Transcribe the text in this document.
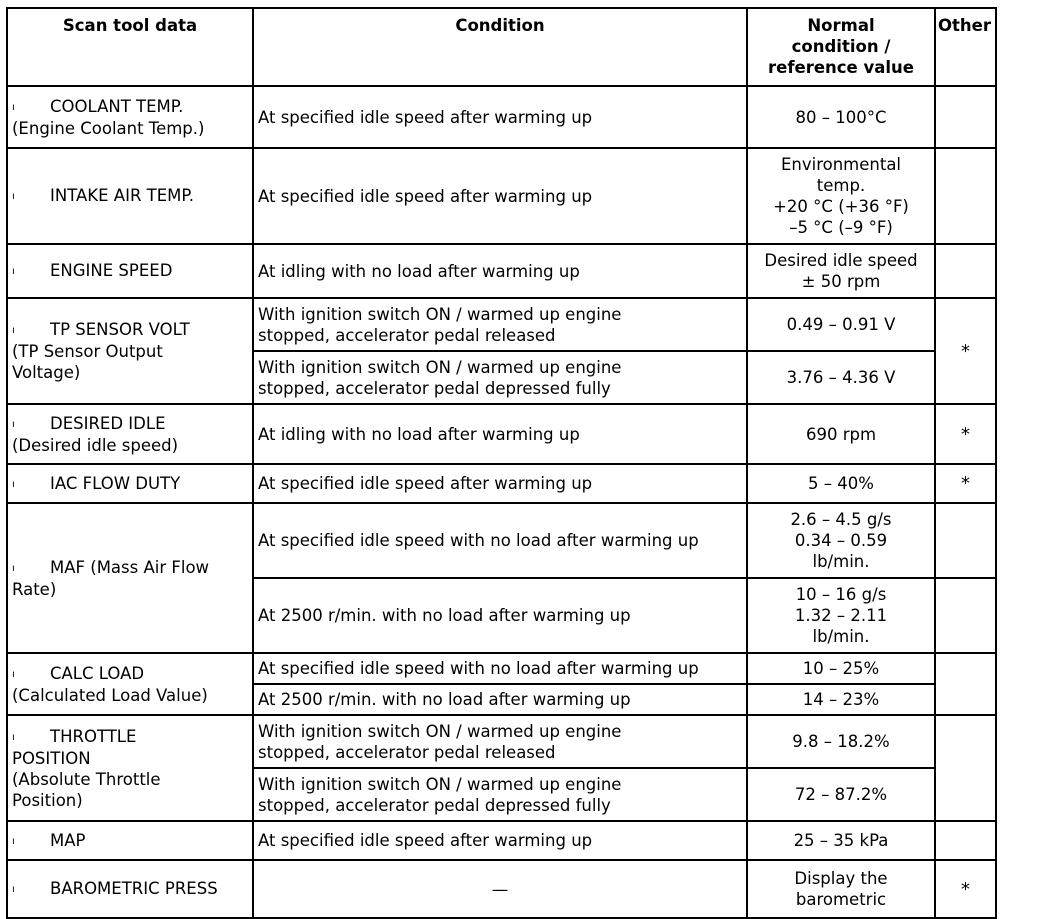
Scan tool data	Condition	Normal
condition /
reference value	Other

ı COOLANT TEMP.
(Engine Coolant Temp.)	At specified idle speed after warming up	80 – 100°C	
ı INTAKE AIR TEMP.	At specified idle speed after warming up	Environmental
temp.
+20 °C (+36 °F)
–5 °C (–9 °F)	

ı ENGINE SPEED	At idling with no load after warming up	Desired idle speed
± 50 rpm	

ı TP SENSOR VOLT
(TP Sensor Output
Voltage)	With ignition switch ON / warmed up engine
stopped, accelerator pedal released	0.49 – 0.91 V	*

	With ignition switch ON / warmed up engine
stopped, accelerator pedal depressed fully	3.76 – 4.36 V	

ı DESIRED IDLE
(Desired idle speed)	At idling with no load after warming up	690 rpm	*
ı IAC FLOW DUTY	At specified idle speed after warming up	5 – 40%	*

ı MAF (Mass Air Flow
Rate)	At specified idle speed with no load after warming up	2.6 – 4.5 g/s
0.34 – 0.59
lb/min.	

	At 2500 r/min. with no load after warming up	10 – 16 g/s
1.32 – 2.11
lb/min.	

ı CALC LOAD
(Calculated Load Value)	At specified idle speed with no load after warming up	10 – 25%	
	At 2500 r/min. with no load after warming up	14 – 23%	

ı THROTTLE
POSITION
(Absolute Throttle
Position)	With ignition switch ON / warmed up engine
stopped, accelerator pedal released	9.8 – 18.2%	

	With ignition switch ON / warmed up engine
stopped, accelerator pedal depressed fully	72 – 87.2%	
ı MAP	At specified idle speed after warming up	25 – 35 kPa	
ı BAROMETRIC PRESS	—	Display the
barometric	*
